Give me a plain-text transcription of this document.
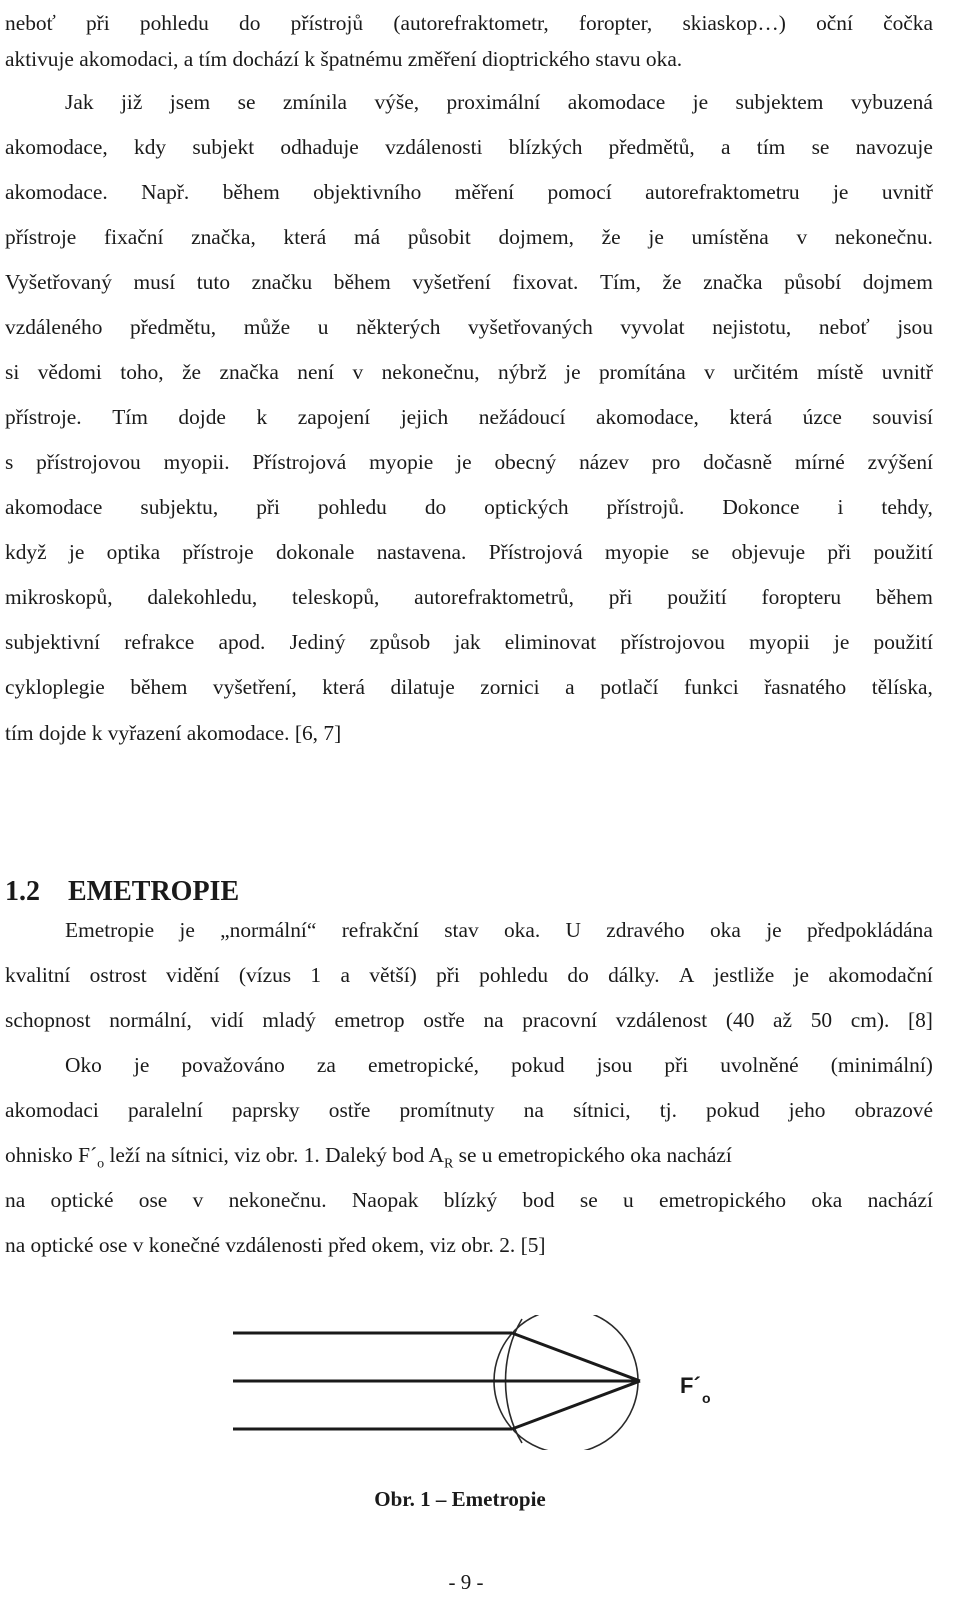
neboť při pohledu do přístrojů (autorefraktometr, foropter, skiaskop…) oční čočka
aktivuje akomodaci, a tím dochází k špatnému změření dioptrického stavu oka.
Jak již jsem se zmínila výše, proximální akomodace je subjektem vybuzená
akomodace, kdy subjekt odhaduje vzdálenosti blízkých předmětů, a tím se navozuje
akomodace. Např. během objektivního měření pomocí autorefraktometru je uvnitř
přístroje fixační značka, která má působit dojmem, že je umístěna v nekonečnu.
Vyšetřovaný musí tuto značku během vyšetření fixovat. Tím, že značka působí dojmem
vzdáleného předmětu, může u některých vyšetřovaných vyvolat nejistotu, neboť jsou
si vědomi toho, že značka není v nekonečnu, nýbrž je promítána v určitém místě uvnitř
přístroje. Tím dojde k zapojení jejich nežádoucí akomodace, která úzce souvisí
s přístrojovou myopii. Přístrojová myopie je obecný název pro dočasně mírné zvýšení
akomodace subjektu, při pohledu do optických přístrojů. Dokonce i tehdy,
když je optika přístroje dokonale nastavena. Přístrojová myopie se objevuje při použití
mikroskopů, dalekohledu, teleskopů, autorefraktometrů, při použití foropteru během
subjektivní refrakce apod. Jediný způsob jak eliminovat přístrojovou myopii je použití
cykloplegie během vyšetření, která dilatuje zornici a potlačí funkci řasnatého tělíska,
tím dojde k vyřazení akomodace. [6, 7]
1.2 EMETROPIE
Emetropie je „normální“ refrakční stav oka. U zdravého oka je předpokládána
kvalitní ostrost vidění (vízus 1 a větší) při pohledu do dálky. A jestliže je akomodační
schopnost normální, vidí mladý emetrop ostře na pracovní vzdálenost (40 až 50 cm). [8]
Oko je považováno za emetropické, pokud jsou při uvolněné (minimální)
akomodaci paralelní paprsky ostře promítnuty na sítnici, tj. pokud jeho obrazové
ohnisko $F´_o$ leží na sítnici, viz obr. 1. Daleký bod $A_R$ se u emetropického oka nachází
na optické ose v nekonečnu. Naopak blízký bod se u emetropického oka nachází
na optické ose v konečné vzdálenosti před okem, viz obr. 2. [5]
F´ o
Obr. 1 – Emetropie
- 9 -
